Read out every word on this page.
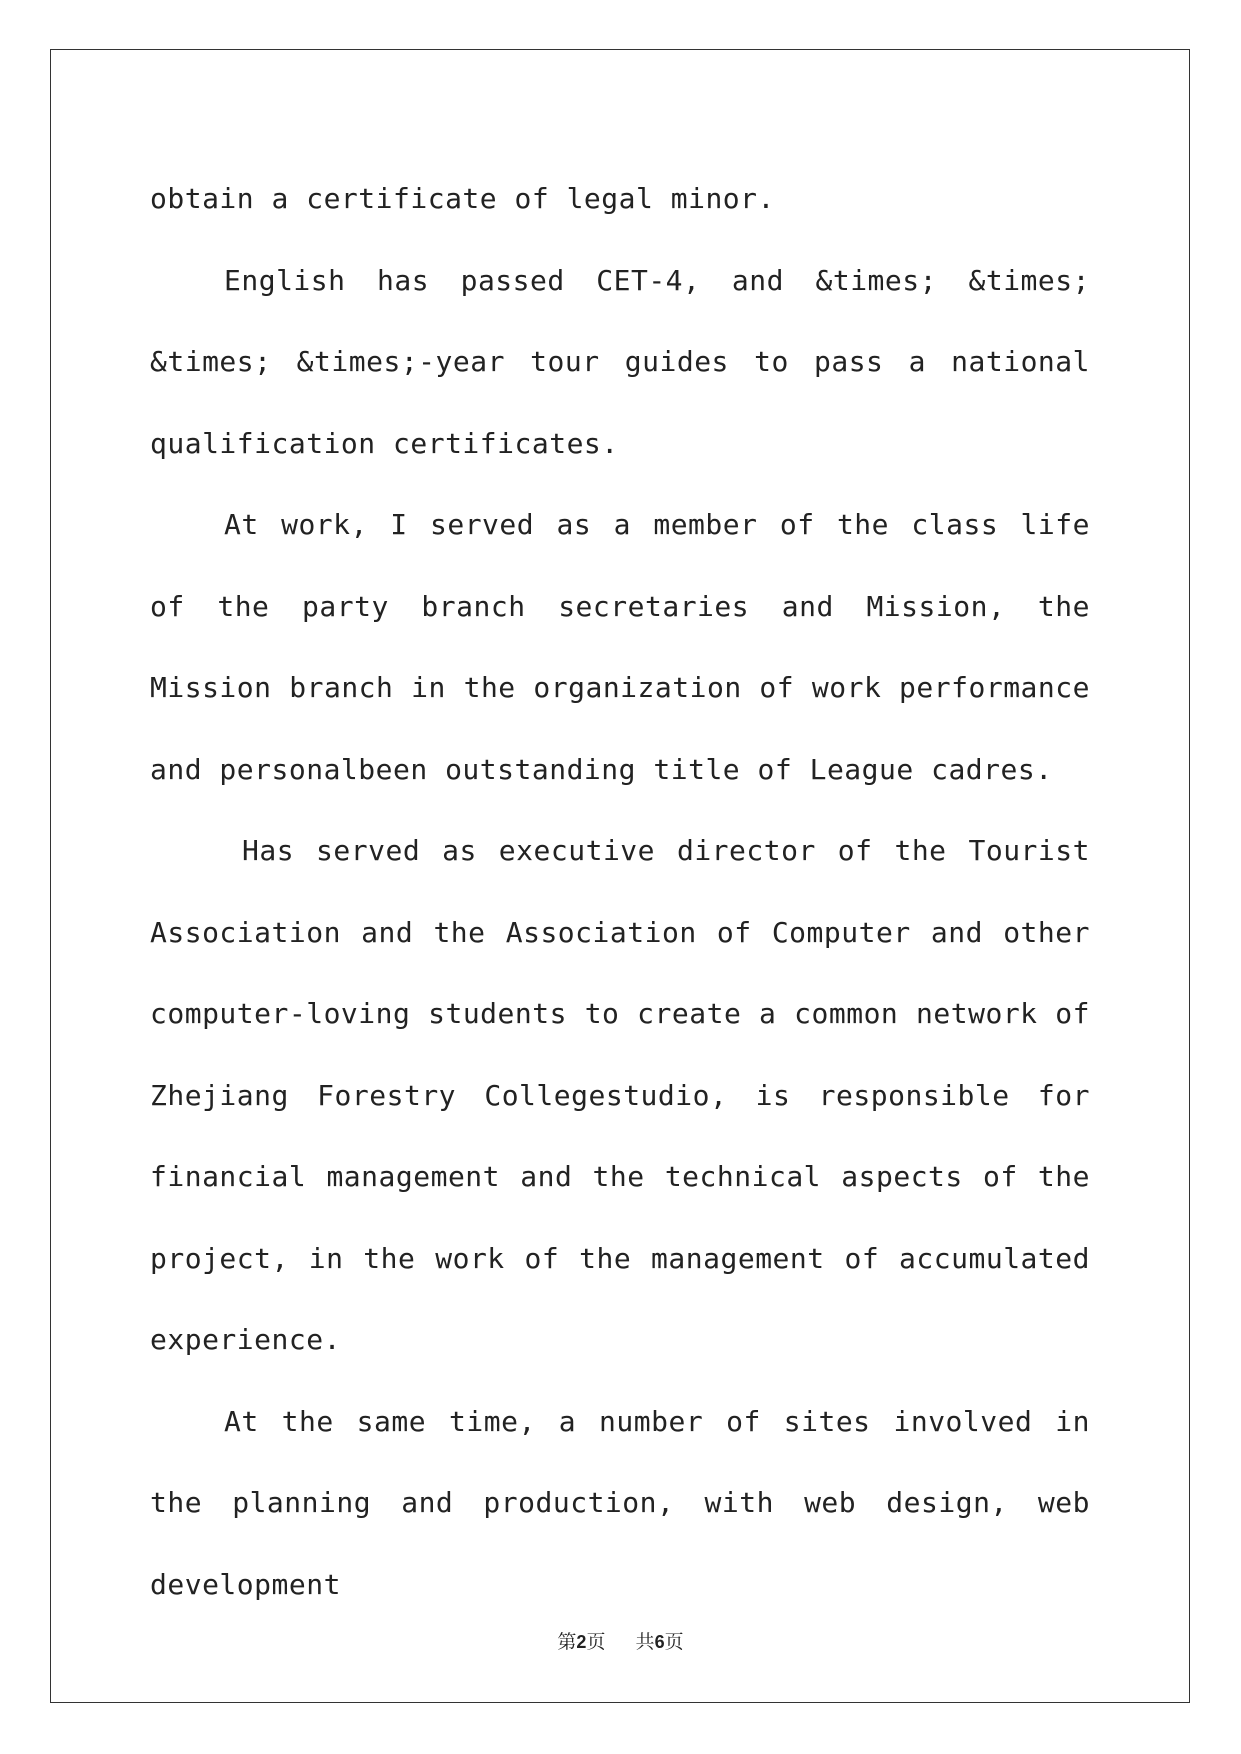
obtain a certificate of legal minor.

English has passed CET-4, and &times; &times; &times; &times;-year tour guides to pass a national qualification certificates.

At work, I served as a member of the class life of the party branch secretaries and Mission, the Mission branch in the organization of work performance and personalbeen outstanding title of League cadres.

Has served as executive director of the Tourist Association and the Association of Computer and other computer-loving students to create a common network of Zhejiang Forestry Collegestudio, is responsible for financial management and the technical aspects of the project, in the work of the management of accumulated experience.

At the same time, a number of sites involved in the planning and production, with web design, web development

第2页 共6页
